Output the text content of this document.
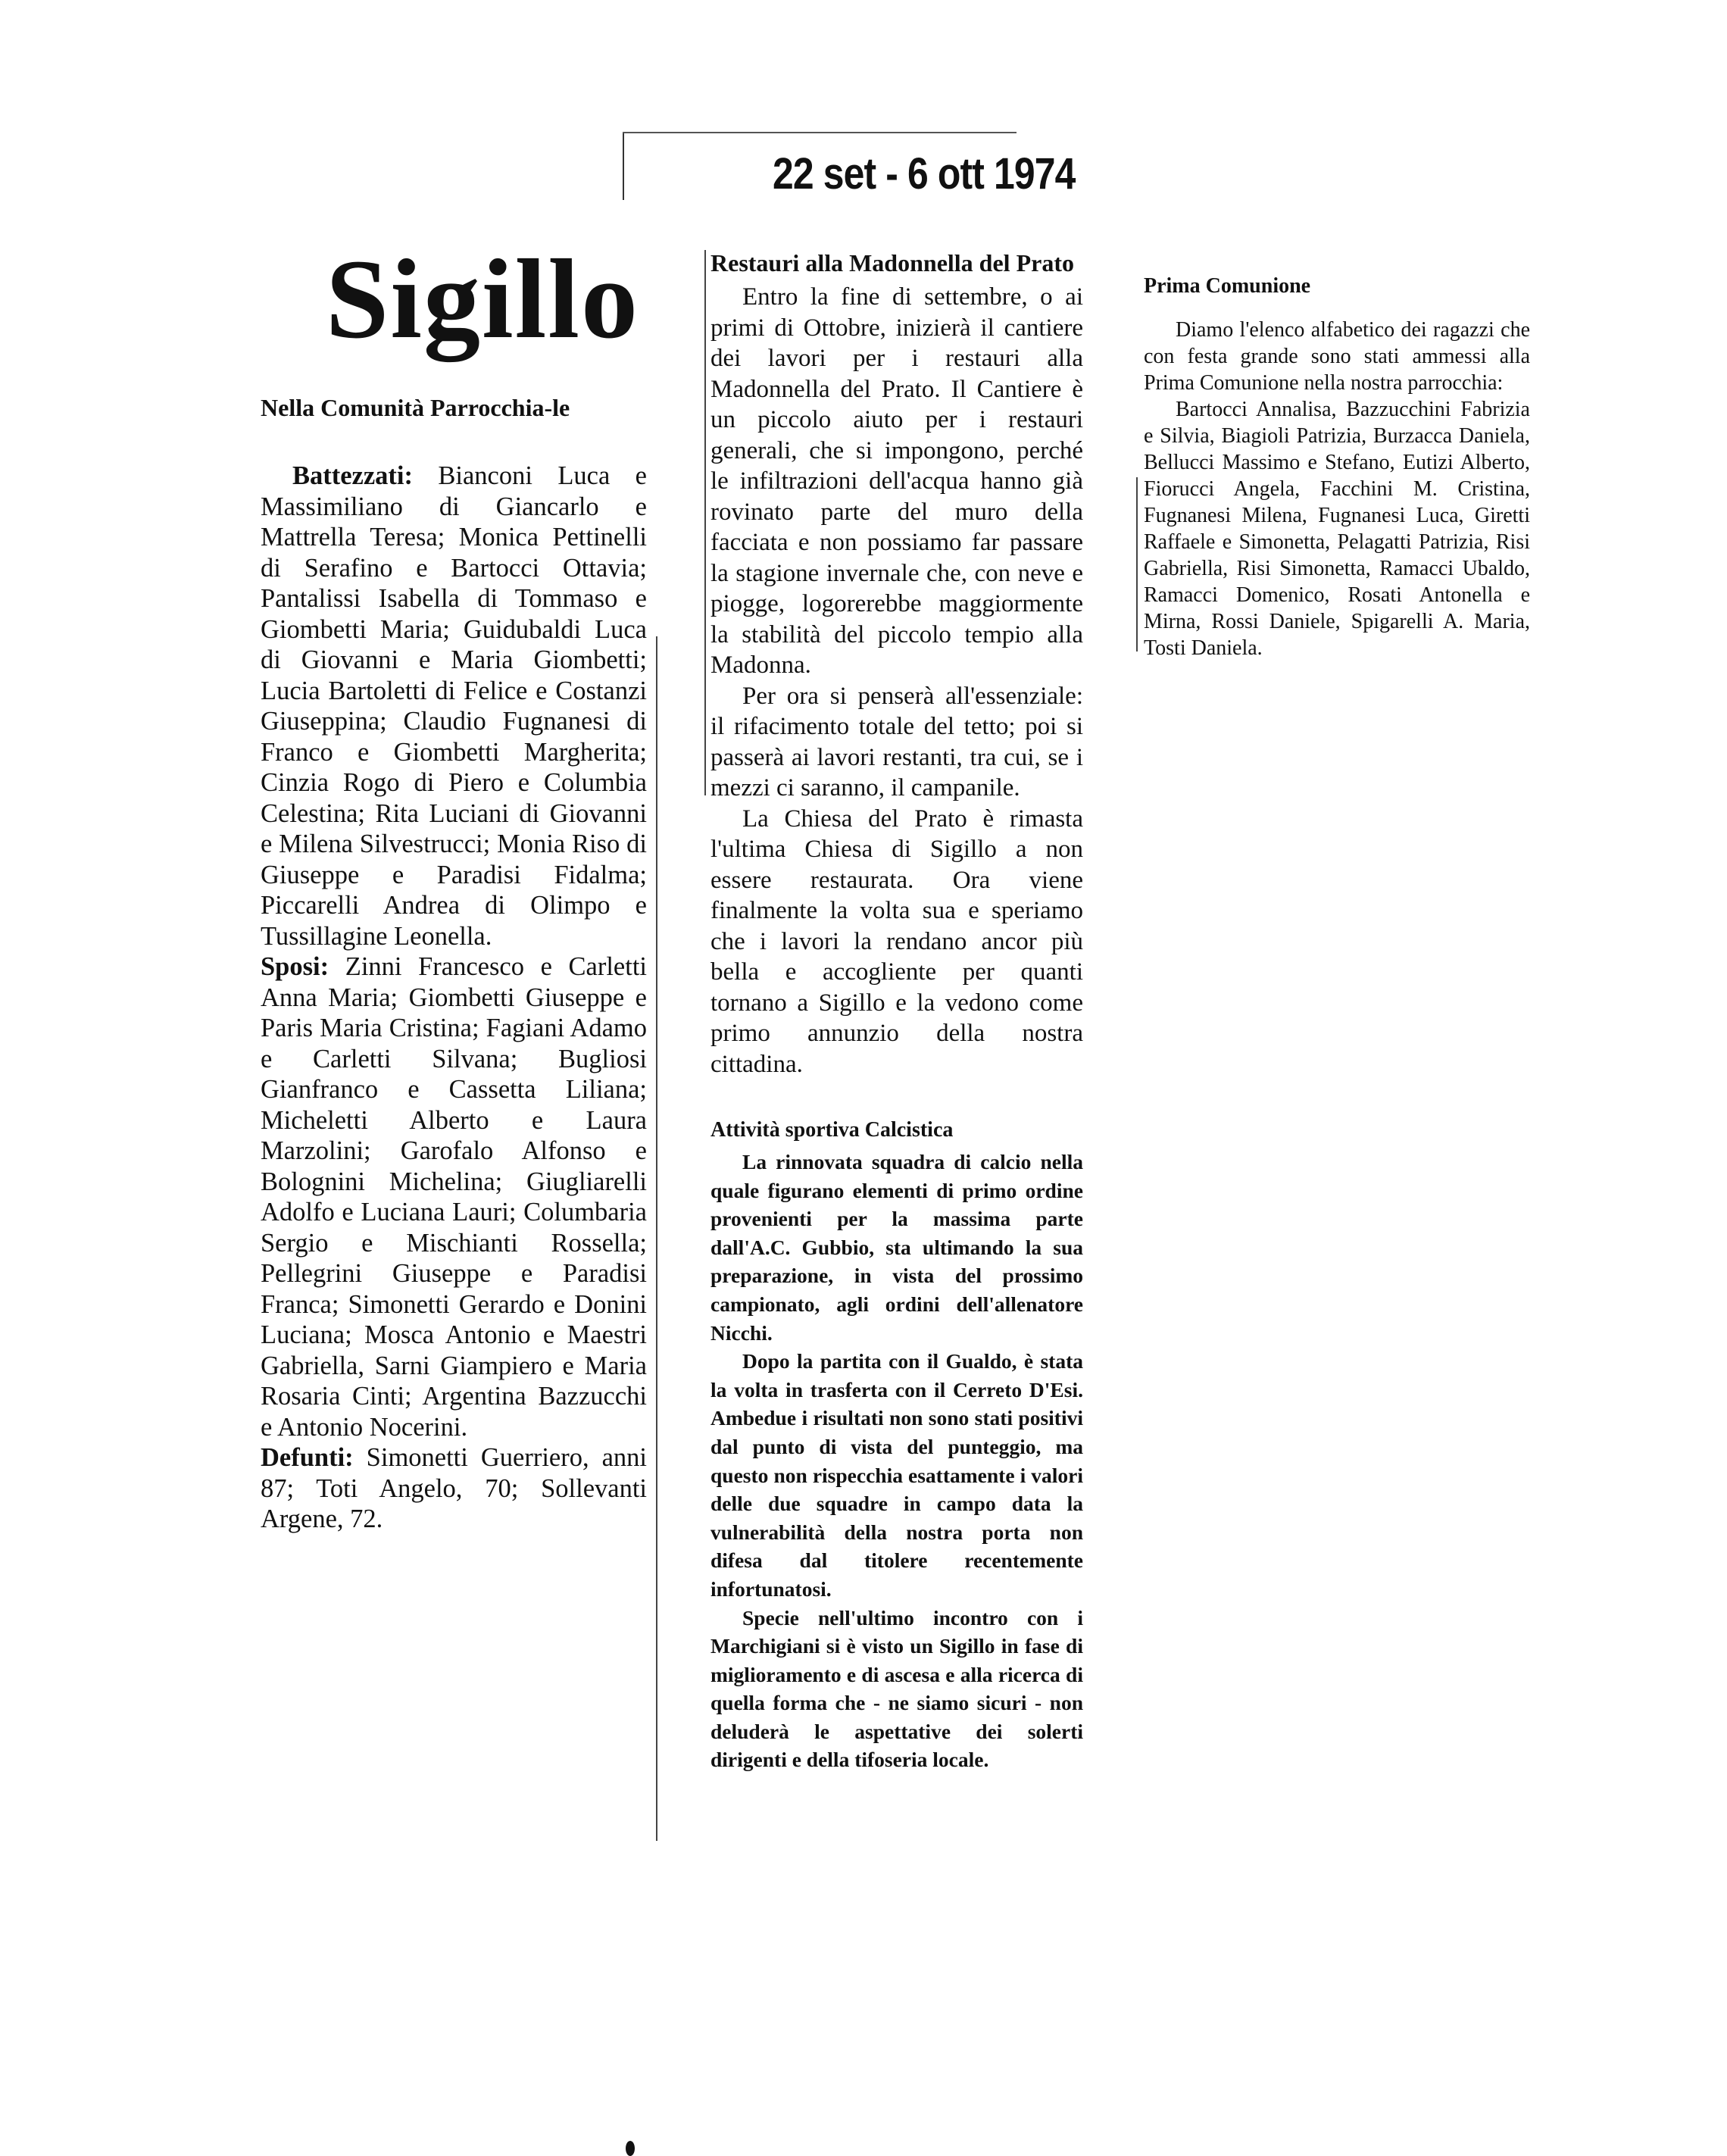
22 set - 6 ott 1974
Sigillo
Nella Comunità Parrocchia-le

Battezzati: Bianconi Luca e Massimiliano di Giancarlo e Mattrella Teresa; Monica Pettinelli di Serafino e Bartocci Ottavia; Pantalissi Isabella di Tommaso e Giombetti Maria; Guidubaldi Luca di Giovanni e Maria Giombetti; Lucia Bartoletti di Felice e Costanzi Giuseppina; Claudio Fugnanesi di Franco e Giombetti Margherita; Cinzia Rogo di Piero e Columbia Celestina; Rita Luciani di Giovanni e Milena Silvestrucci; Monia Riso di Giuseppe e Paradisi Fidalma; Piccarelli Andrea di Olimpo e Tussillagine Leonella.

Sposi: Zinni Francesco e Carletti Anna Maria; Giombetti Giuseppe e Paris Maria Cristina; Fagiani Adamo e Carletti Silvana; Bugliosi Gianfranco e Cassetta Liliana; Micheletti Alberto e Laura Marzolini; Garofalo Alfonso e Bolognini Michelina; Giugliarelli Adolfo e Luciana Lauri; Columbaria Sergio e Mischianti Rossella; Pellegrini Giuseppe e Paradisi Franca; Simonetti Gerardo e Donini Luciana; Mosca Antonio e Maestri Gabriella, Sarni Giampiero e Maria Rosaria Cinti; Argentina Bazzucchi e Antonio Nocerini.

Defunti: Simonetti Guerriero, anni 87; Toti Angelo, 70; Sollevanti Argene, 72.

Restauri alla Madonnella del Prato

Entro la fine di settembre, o ai primi di Ottobre, inizierà il cantiere dei lavori per i restauri alla Madonnella del Prato. Il Cantiere è un piccolo aiuto per i restauri generali, che si impongono, perché le infiltrazioni dell'acqua hanno già rovinato parte del muro della facciata e non possiamo far passare la stagione invernale che, con neve e piogge, logorerebbe maggiormente la stabilità del piccolo tempio alla Madonna.

Per ora si penserà all'essenziale: il rifacimento totale del tetto; poi si passerà ai lavori restanti, tra cui, se i mezzi ci saranno, il campanile.

La Chiesa del Prato è rimasta l'ultima Chiesa di Sigillo a non essere restaurata. Ora viene finalmente la volta sua e speriamo che i lavori la rendano ancor più bella e accogliente per quanti tornano a Sigillo e la vedono come primo annunzio della nostra cittadina.

Attività sportiva Calcistica

La rinnovata squadra di calcio nella quale figurano elementi di primo ordine provenienti per la massima parte dall'A.C. Gubbio, sta ultimando la sua preparazione, in vista del prossimo campionato, agli ordini dell'allenatore Nicchi.

Dopo la partita con il Gualdo, è stata la volta in trasferta con il Cerreto D'Esi. Ambedue i risultati non sono stati positivi dal punto di vista del punteggio, ma questo non rispecchia esattamente i valori delle due squadre in campo data la vulnerabilità della nostra porta non difesa dal titolere recentemente infortunatosi.

Specie nell'ultimo incontro con i Marchigiani si è visto un Sigillo in fase di miglioramento e di ascesa e alla ricerca di quella forma che - ne siamo sicuri - non deluderà le aspettative dei solerti dirigenti e della tifoseria locale.

Prima Comunione

Diamo l'elenco alfabetico dei ragazzi che con festa grande sono stati ammessi alla Prima Comunione nella nostra parrocchia:

Bartocci Annalisa, Bazzucchini Fabrizia e Silvia, Biagioli Patrizia, Burzacca Daniela, Bellucci Massimo e Stefano, Eutizi Alberto, Fiorucci Angela, Facchini M. Cristina, Fugnanesi Milena, Fugnanesi Luca, Giretti Raffaele e Simonetta, Pelagatti Patrizia, Risi Gabriella, Risi Simonetta, Ramacci Ubaldo, Ramacci Domenico, Rosati Antonella e Mirna, Rossi Daniele, Spigarelli A. Maria, Tosti Daniela.
